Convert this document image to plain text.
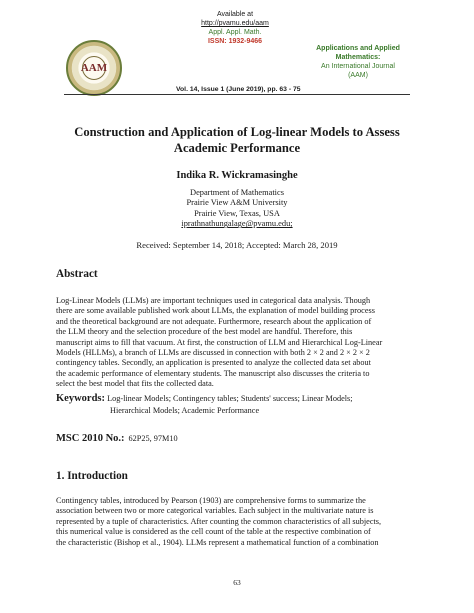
AAM
Available at
http://pvamu.edu/aam
Appl. Appl. Math.
ISSN: 1932-9466
Applications and Applied
Mathematics:
An International Journal
(AAM)
Vol. 14, Issue 1 (June 2019), pp. 63 - 75
Construction and Application of Log-linear Models to Assess
Academic Performance
Indika R. Wickramasinghe
Department of Mathematics
Prairie View A&M University
Prairie View, Texas, USA
iprathnathungalage@pvamu.edu;
Received: September 14, 2018; Accepted: March 28, 2019
Abstract
Log-Linear Models (LLMs) are important techniques used in categorical data analysis. Though
there are some available published work about LLMs, the explanation of model building process
and the theoretical background are not adequate. Furthermore, research about the application of
the LLM theory and the selection procedure of the best model are handful. Therefore, this
manuscript aims to fill that vacuum. At first, the construction of LLM and Hierarchical Log-Linear
Models (HLLMs), a branch of LLMs are discussed in connection with both 2 × 2 and 2 × 2 × 2
contingency tables. Secondly, an application is presented to analyze the collected data set about
the academic performance of elementary students. The manuscript also discusses the criteria to
select the best model that fits the collected data.
Keywords: Log-linear Models; Contingency tables; Students' success; Linear Models;
Hierarchical Models; Academic Performance
MSC 2010 No.: 62P25, 97M10
1. Introduction
Contingency tables, introduced by Pearson (1903) are comprehensive forms to summarize the
association between two or more categorical variables. Each subject in the multivariate nature is
represented by a tuple of characteristics. After counting the common characteristics of all subjects,
this numerical value is considered as the cell count of the table at the respective combination of
the characteristic (Bishop et al., 1904). LLMs represent a mathematical function of a combination
63
